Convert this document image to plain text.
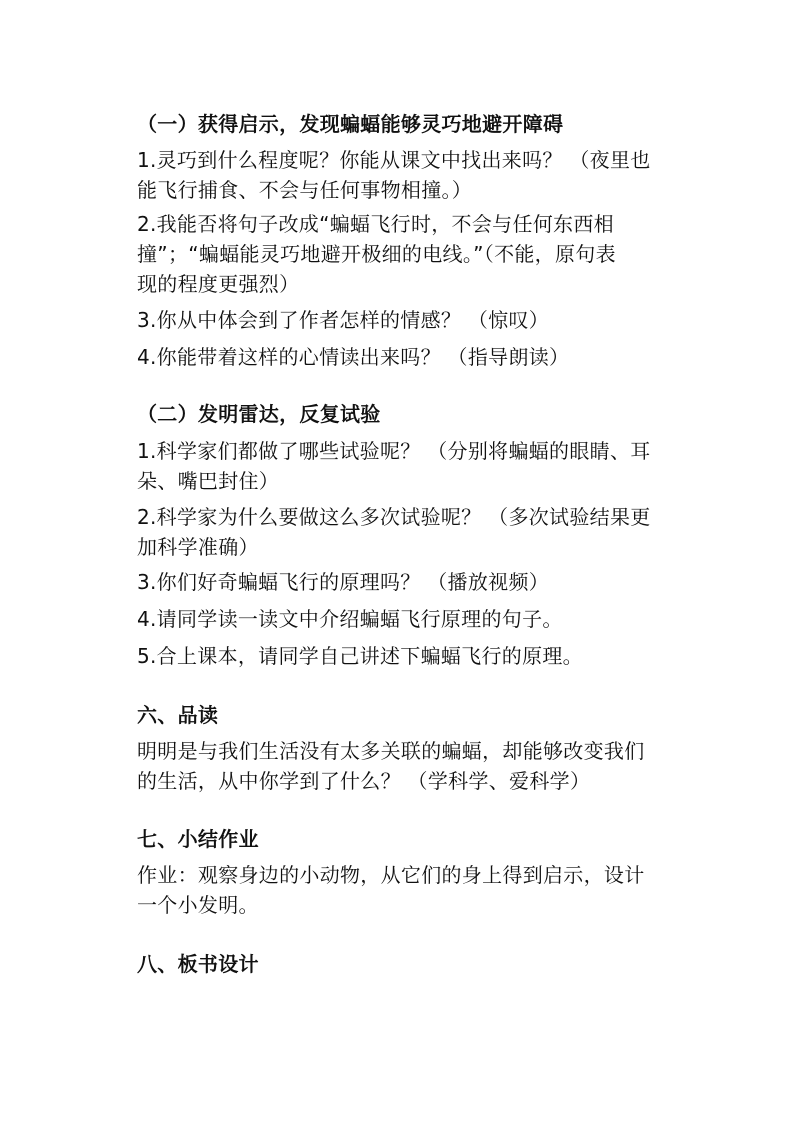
（一）获得启示，发现蝙蝠能够灵巧地避开障碍
1.灵巧到什么程度呢？你能从课文中找出来吗？ （夜里也
能飞行捕食、不会与任何事物相撞。）
2.我能否将句子改成“蝙蝠飞行时，不会与任何东西相
撞”；“蝙蝠能灵巧地避开极细的电线。”（不能，原句表
现的程度更强烈）
3.你从中体会到了作者怎样的情感？ （惊叹）
4.你能带着这样的心情读出来吗？ （指导朗读）
（二）发明雷达，反复试验
1.科学家们都做了哪些试验呢？ （分别将蝙蝠的眼睛、耳
朵、嘴巴封住）
2.科学家为什么要做这么多次试验呢？ （多次试验结果更
加科学准确）
3.你们好奇蝙蝠飞行的原理吗？ （播放视频）
4.请同学读一读文中介绍蝙蝠飞行原理的句子。
5.合上课本，请同学自己讲述下蝙蝠飞行的原理。
六、品读
明明是与我们生活没有太多关联的蝙蝠，却能够改变我们
的生活，从中你学到了什么？ （学科学、爱科学）
七、小结作业
作业：观察身边的小动物，从它们的身上得到启示，设计
一个小发明。
八、板书设计
